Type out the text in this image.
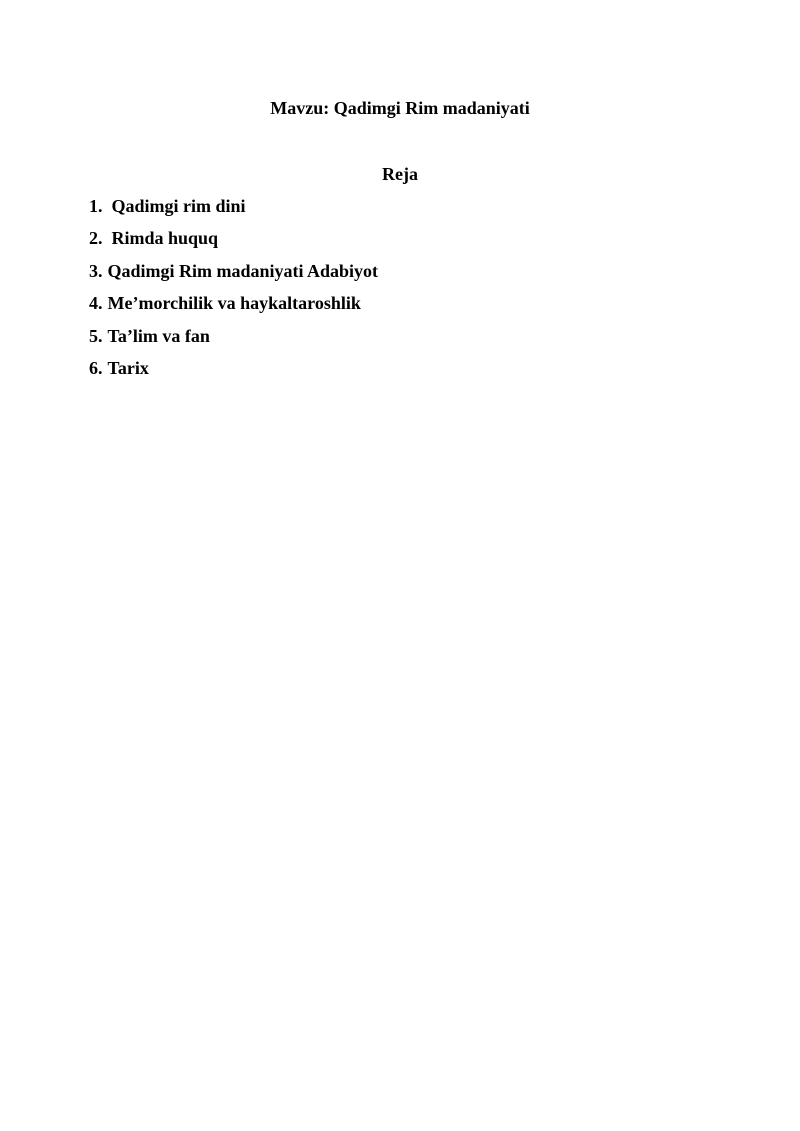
Mavzu: Qadimgi Rim madaniyati
Reja
1. Qadimgi rim dini
2. Rimda huquq
3. Qadimgi Rim madaniyati Adabiyot
4. Me’morchilik va haykaltaroshlik
5. Ta’lim va fan
6. Tarix
